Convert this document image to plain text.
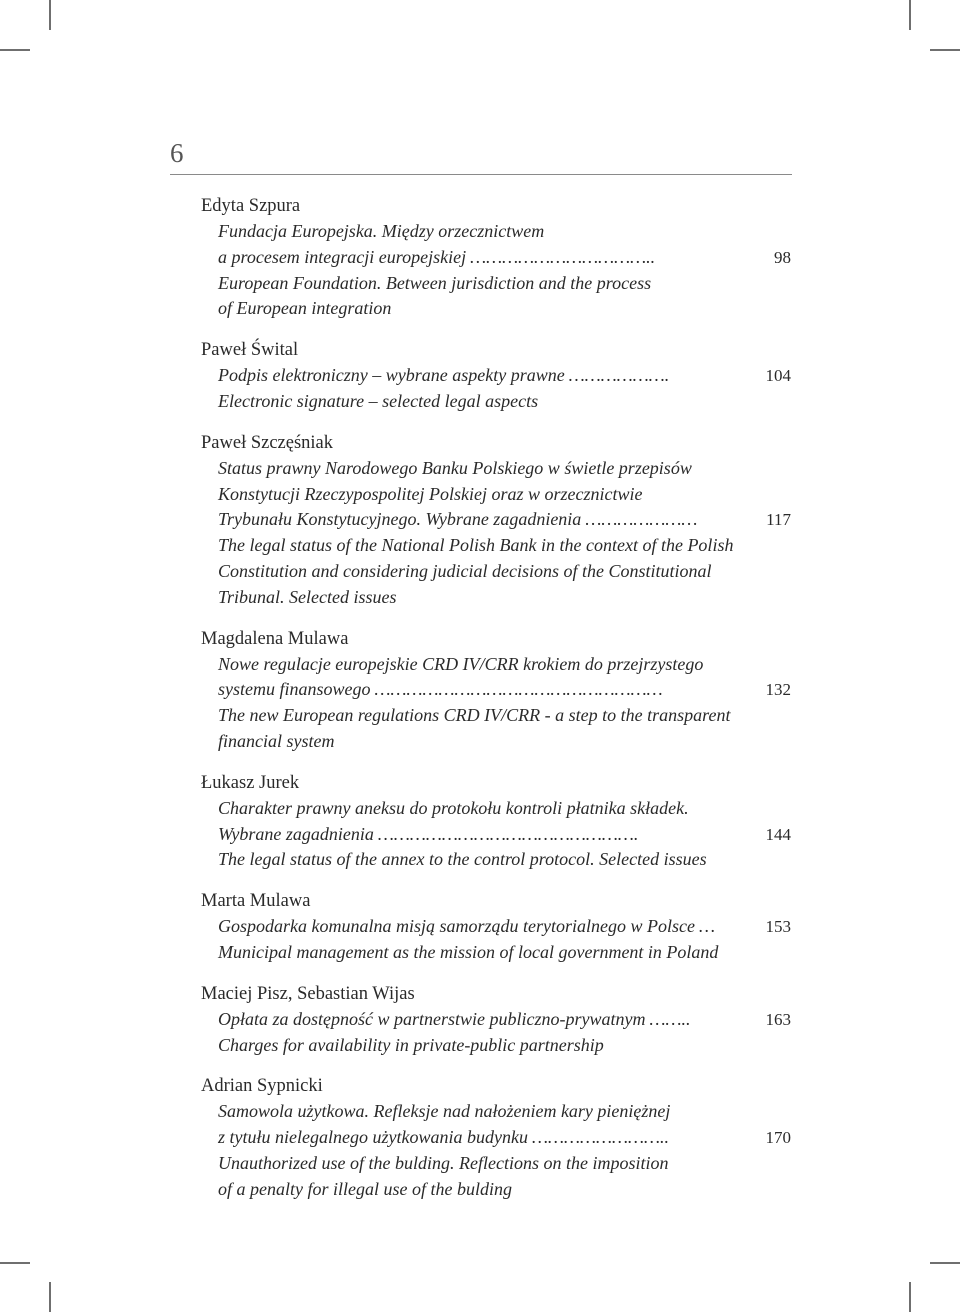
6
Edyta Szpura
Fundacja Europejska. Między orzecznictwem
a procesem integracji europejskiej ……………………………..	98
European Foundation. Between jurisdiction and the process
of European integration
Paweł Śwital
Podpis elektroniczny – wybrane aspekty prawne ……………….	104
Electronic signature – selected legal aspects
Paweł Szczęśniak
Status prawny Narodowego Banku Polskiego w świetle przepisów
Konstytucji Rzeczypospolitej Polskiej oraz w orzecznictwie
Trybunału Konstytucyjnego. Wybrane zagadnienia …………………	117
The legal status of the National Polish Bank in the context of the Polish
Constitution and considering judicial decisions of the Constitutional
Tribunal. Selected issues
Magdalena Mulawa
Nowe regulacje europejskie CRD IV/CRR krokiem do przejrzystego
systemu finansowego ………………………………………………	132
The new European regulations CRD IV/CRR - a step to the transparent
financial system
Łukasz Jurek
Charakter prawny aneksu do protokołu kontroli płatnika składek.
Wybrane zagadnienia ………………………………………….	144
The legal status of the annex to the control protocol. Selected issues
Marta Mulawa
Gospodarka komunalna misją samorządu terytorialnego w Polsce …	153
Municipal management as the mission of local government in Poland
Maciej Pisz, Sebastian Wijas
Opłata za dostępność w partnerstwie publiczno-prywatnym ……..	163
Charges for availability in private-public partnership
Adrian Sypnicki
Samowola użytkowa. Refleksje nad nałożeniem kary pieniężnej
z tytułu nielegalnego użytkowania budynku ……………………..	170
Unauthorized use of the bulding. Reflections on the imposition
of a penalty for illegal use of the bulding
